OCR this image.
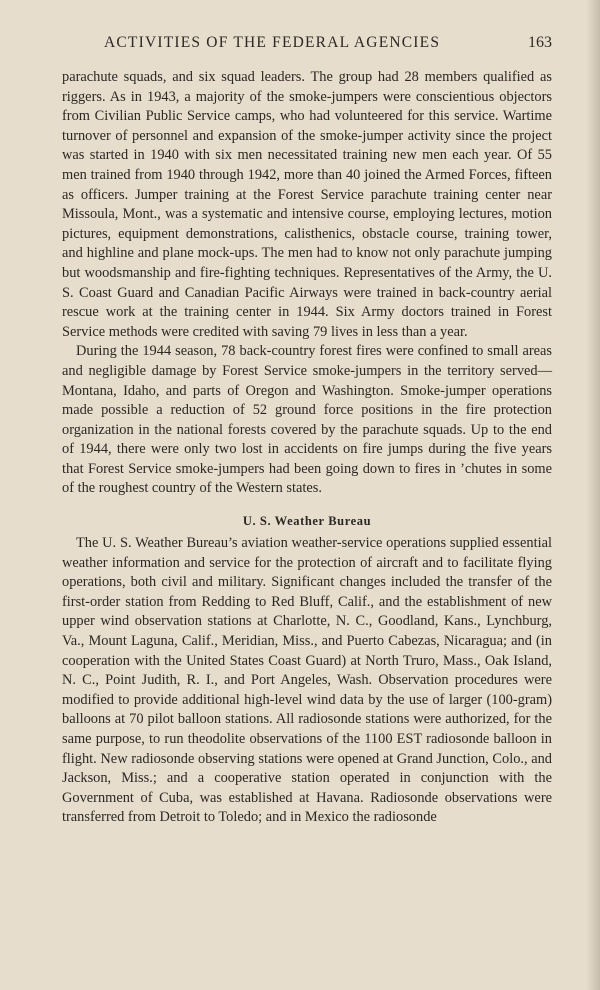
ACTIVITIES OF THE FEDERAL AGENCIES	163

parachute squads, and six squad leaders. The group had 28 members qualified as riggers. As in 1943, a majority of the smoke-jumpers were conscientious objectors from Civilian Public Service camps, who had volunteered for this service. Wartime turnover of personnel and expansion of the smoke-jumper activity since the project was started in 1940 with six men necessitated training new men each year. Of 55 men trained from 1940 through 1942, more than 40 joined the Armed Forces, fifteen as officers. Jumper training at the Forest Service parachute training center near Missoula, Mont., was a systematic and intensive course, employing lectures, motion pictures, equipment demonstrations, calisthenics, obstacle course, training tower, and highline and plane mock-ups. The men had to know not only parachute jumping but woodsmanship and fire-fighting techniques. Representatives of the Army, the U. S. Coast Guard and Canadian Pacific Airways were trained in back-country aerial rescue work at the training center in 1944. Six Army doctors trained in Forest Service methods were credited with saving 79 lives in less than a year.

During the 1944 season, 78 back-country forest fires were confined to small areas and negligible damage by Forest Service smoke-jumpers in the territory served—Montana, Idaho, and parts of Oregon and Washington. Smoke-jumper operations made possible a reduction of 52 ground force positions in the fire protection organization in the national forests covered by the parachute squads. Up to the end of 1944, there were only two lost in accidents on fire jumps during the five years that Forest Service smoke-jumpers had been going down to fires in ’chutes in some of the roughest country of the Western states.

U. S. Weather Bureau

The U. S. Weather Bureau’s aviation weather-service operations supplied essential weather information and service for the protection of aircraft and to facilitate flying operations, both civil and military. Significant changes included the transfer of the first-order station from Redding to Red Bluff, Calif., and the establishment of new upper wind observation stations at Charlotte, N. C., Goodland, Kans., Lynchburg, Va., Mount Laguna, Calif., Meridian, Miss., and Puerto Cabezas, Nicaragua; and (in cooperation with the United States Coast Guard) at North Truro, Mass., Oak Island, N. C., Point Judith, R. I., and Port Angeles, Wash. Observation procedures were modified to provide additional high-level wind data by the use of larger (100-gram) balloons at 70 pilot balloon stations. All radiosonde stations were authorized, for the same purpose, to run theodolite observations of the 1100 EST radiosonde balloon in flight. New radiosonde observing stations were opened at Grand Junction, Colo., and Jackson, Miss.; and a cooperative station operated in conjunction with the Government of Cuba, was established at Havana. Radiosonde observations were transferred from Detroit to Toledo; and in Mexico the radiosonde
